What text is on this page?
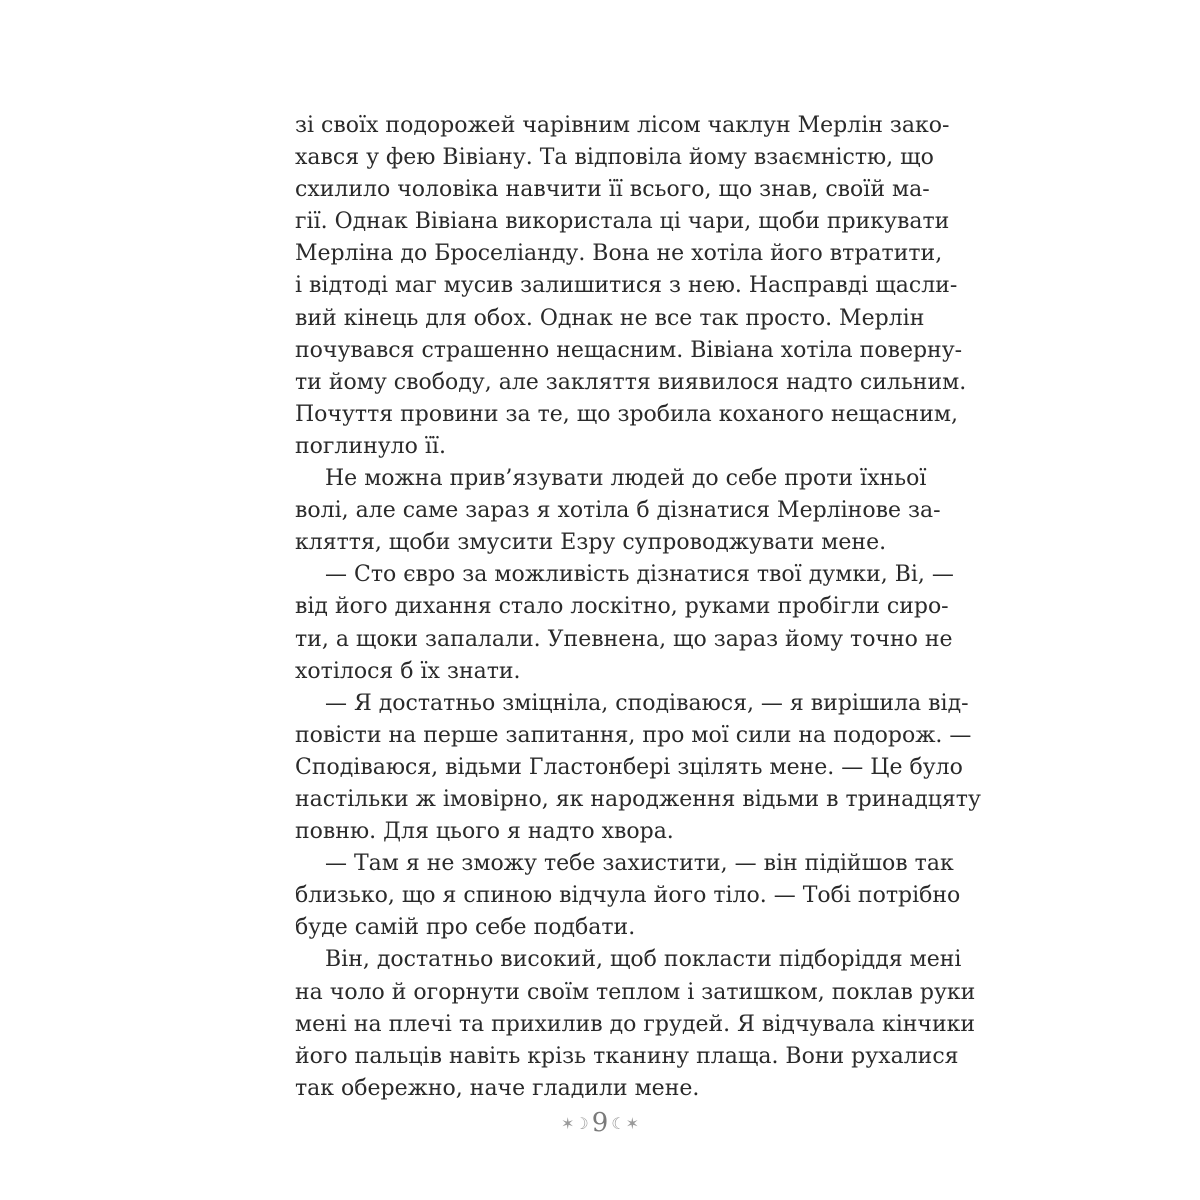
зі своїх подорожей чарівним лісом чаклун Мерлін зако-
хався у фею Вівіану. Та відповіла йому взаємністю, що
схилило чоловіка навчити її всього, що знав, своїй ма-
гії. Однак Вівіана використала ці чари, щоби прикувати
Мерліна до Броселіанду. Вона не хотіла його втратити,
і відтоді маг мусив залишитися з нею. Насправді щасли-
вий кінець для обох. Однак не все так просто. Мерлін
почувався страшенно нещасним. Вівіана хотіла поверну-
ти йому свободу, але закляття виявилося надто сильним.
Почуття провини за те, що зробила коханого нещасним,
поглинуло її.
Не можна прив’язувати людей до себе проти їхньої
волі, але саме зараз я хотіла б дізнатися Мерлінове за-
кляття, щоби змусити Езру супроводжувати мене.
— Сто євро за можливість дізнатися твої думки, Ві, —
від його дихання стало лоскітно, руками пробігли сиро-
ти, а щоки запалали. Упевнена, що зараз йому точно не
хотілося б їх знати.
— Я достатньо зміцніла, сподіваюся, — я вирішила від-
повісти на перше запитання, про мої сили на подорож. —
Сподіваюся, відьми Гластонбері зцілять мене. — Це було
настільки ж імовірно, як народження відьми в тринадцяту
повню. Для цього я надто хвора.
— Там я не зможу тебе захистити, — він підійшов так
близько, що я спиною відчула його тіло. — Тобі потрібно
буде самій про себе подбати.
Він, достатньо високий, щоб покласти підборіддя мені
на чоло й огорнути своїм теплом і затишком, поклав руки
мені на плечі та прихилив до грудей. Я відчувала кінчики
його пальців навіть крізь тканину плаща. Вони рухалися
так обережно, наче гладили мене.
✶☽ 9 ☾✶
